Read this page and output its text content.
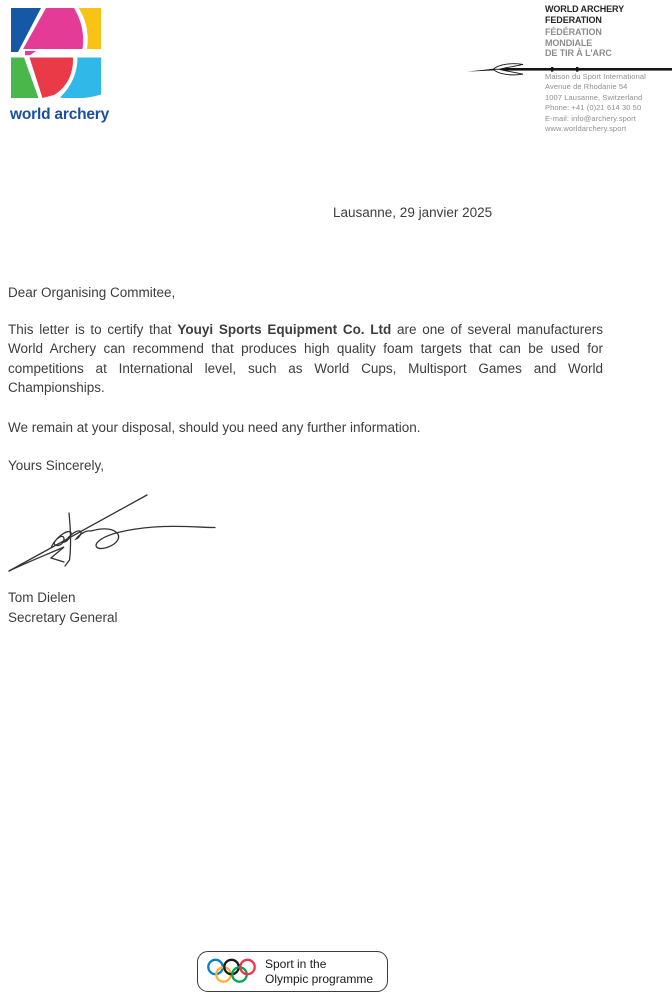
world archery
WORLD ARCHERY
FEDERATION
FÉDÉRATION
MONDIALE
DE TIR À L'ARC
Maison du Sport International
Avenue de Rhodanie 54
1007 Lausanne, Switzerland
Phone: +41 (0)21 614 30 50
E-mail: info@archery.sport
www.worldarchery.sport
Lausanne, 29 janvier 2025
Dear Organising Commitee,
This letter is to certify that Youyi Sports Equipment Co. Ltd are one of several manufacturers World Archery can recommend that produces high quality foam targets that can be used for competitions at International level, such as World Cups, Multisport Games and World Championships.
We remain at your disposal, should you need any further information.
Yours Sincerely,
Tom Dielen
Secretary General
Sport in the
Olympic programme
